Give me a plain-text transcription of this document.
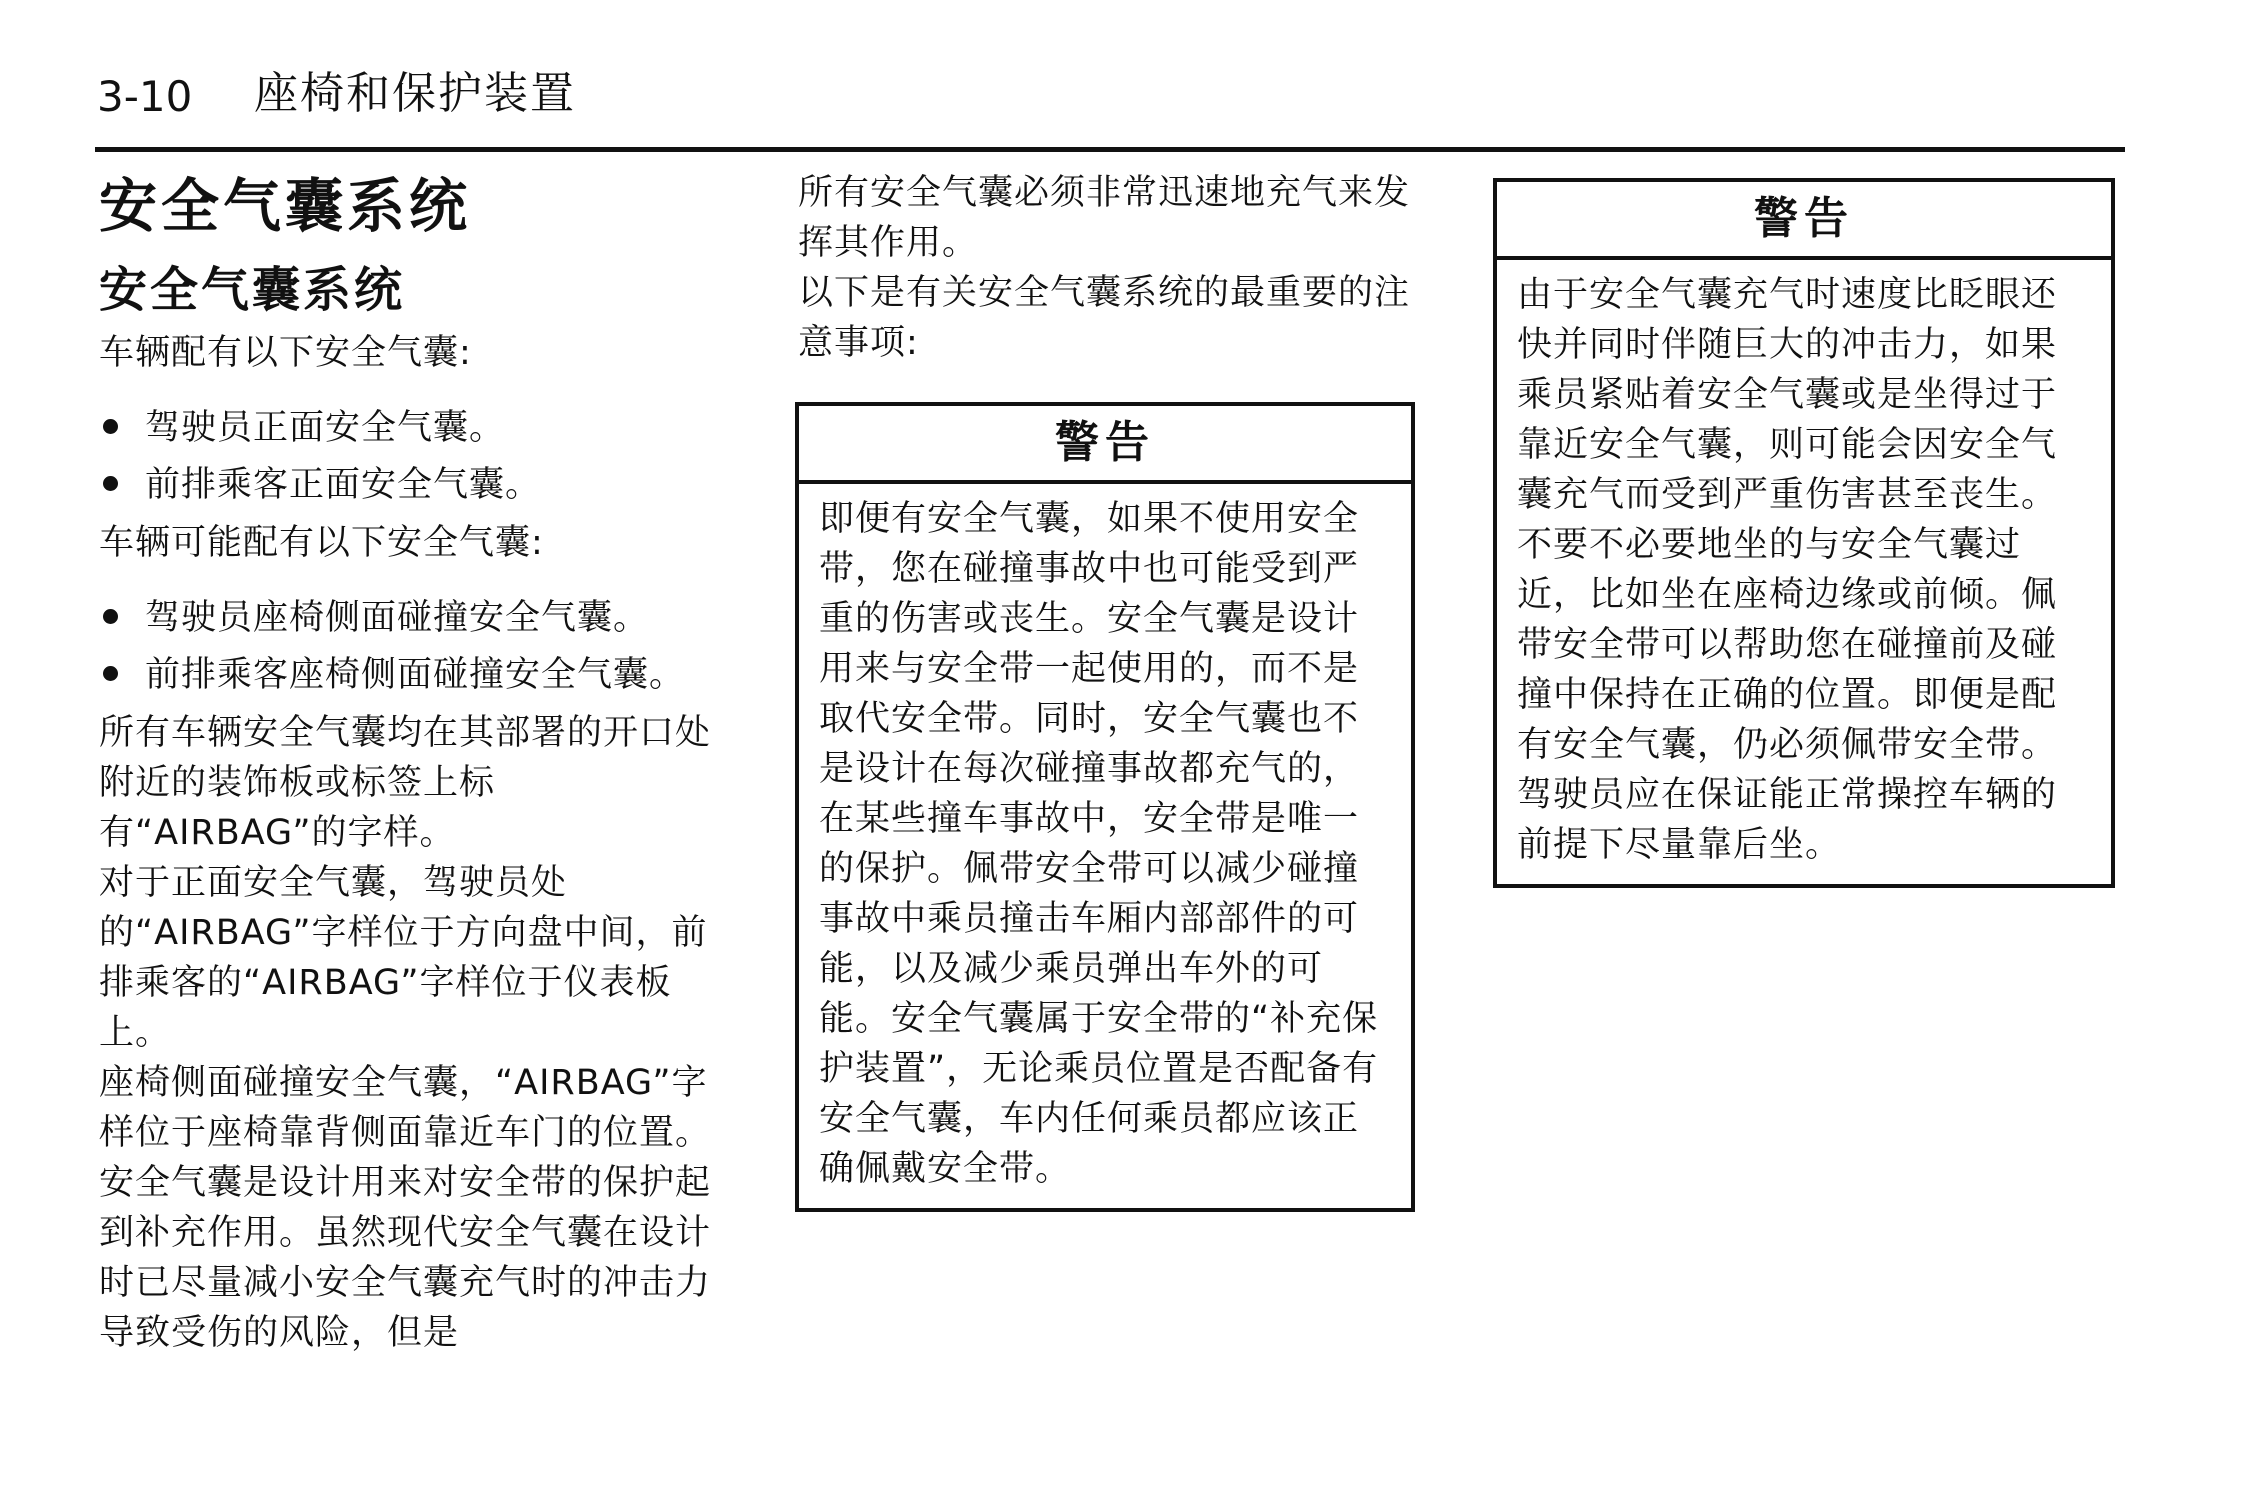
3-10 座椅和保护装置
安全气囊系统
安全气囊系统

车辆配有以下安全气囊:

驾驶员正面安全气囊。
前排乘客正面安全气囊。

车辆可能配有以下安全气囊:

驾驶员座椅侧面碰撞安全气囊。
前排乘客座椅侧面碰撞安全气囊。

所有车辆安全气囊均在其部署的开口处附近的装饰板或标签上标有“AIRBAG”的字样。

对于正面安全气囊，驾驶员处的“AIRBAG”字样位于方向盘中间，前排乘客的“AIRBAG”字样位于仪表板上。

座椅侧面碰撞安全气囊，“AIRBAG”字样位于座椅靠背侧面靠近车门的位置。

安全气囊是设计用来对安全带的保护起到补充作用。虽然现代安全气囊在设计时已尽量减小安全气囊充气时的冲击力导致受伤的风险，但是

所有安全气囊必须非常迅速地充气来发挥其作用。

以下是有关安全气囊系统的最重要的注意事项:

警告
即便有安全气囊，如果不使用安全带，您在碰撞事故中也可能受到严重的伤害或丧生。安全气囊是设计用来与安全带一起使用的，而不是取代安全带。同时，安全气囊也不是设计在每次碰撞事故都充气的，在某些撞车事故中，安全带是唯一的保护。佩带安全带可以减少碰撞事故中乘员撞击车厢内部部件的可能，以及减少乘员弹出车外的可能。安全气囊属于安全带的“补充保护装置”，无论乘员位置是否配备有安全气囊，车内任何乘员都应该正确佩戴安全带。
警告
由于安全气囊充气时速度比眨眼还快并同时伴随巨大的冲击力，如果乘员紧贴着安全气囊或是坐得过于靠近安全气囊，则可能会因安全气囊充气而受到严重伤害甚至丧生。不要不必要地坐的与安全气囊过近，比如坐在座椅边缘或前倾。佩带安全带可以帮助您在碰撞前及碰 撞中保持在正确的位置。即便是配有安全气囊，仍必须佩带安全带。驾驶员应在保证能正常操控车辆的前提下尽量靠后坐。
